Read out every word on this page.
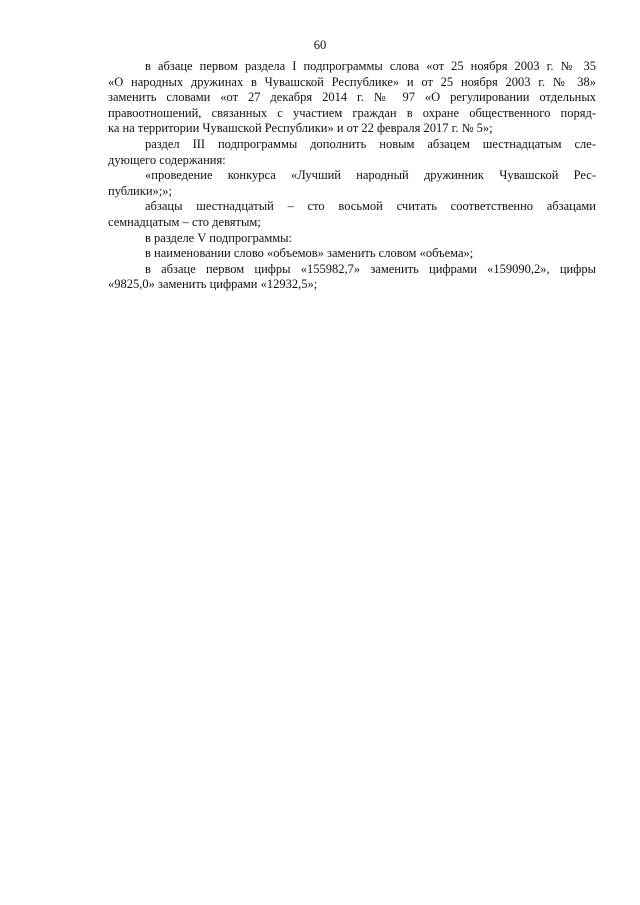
60

в абзаце первом раздела I подпрограммы слова «от 25 ноября 2003 г. № 35
«О народных дружинах в Чувашской Республике» и от 25 ноября 2003 г. № 38»
заменить словами «от 27 декабря 2014 г. № 97 «О регулировании отдельных
правоотношений, связанных с участием граждан в охране общественного поряд-
ка на территории Чувашской Республики» и от 22 февраля 2017 г. № 5»;

раздел III подпрограммы дополнить новым абзацем шестнадцатым сле-
дующего содержания:

«проведение конкурса «Лучший народный дружинник Чувашской Рес-
публики»;»;

абзацы шестнадцатый – сто восьмой считать соответственно абзацами
семнадцатым – сто девятым;

в разделе V подпрограммы:

в наименовании слово «объемов» заменить словом «объема»;

в абзаце первом цифры «155982,7» заменить цифрами «159090,2», цифры
«9825,0» заменить цифрами «12932,5»;
